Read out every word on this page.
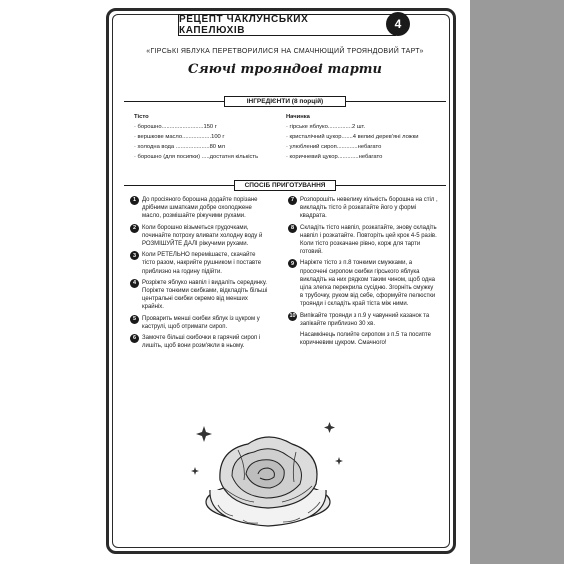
РЕЦЕПТ ЧАКЛУНСЬКИХ КАПЕЛЮХІВ	4
«ГІРСЬКІ ЯБЛУКА ПЕРЕТВОРИЛИСЯ НА СМАЧНЮЩИЙ ТРОЯНДОВИЙ ТАРТ»
Сяючі трояндові тарти
ІНГРЕДІЄНТИ (8 порцій)
Тісто
· борошно..........................150 г
· вершкове масло..................100 г
· холодна вода .....................80 мл
· борошно (для посипки) .....достатня кількість
Начинка
· гірське яблуко...............2 шт.
· кристалічний цукор.......4 великі дерев'яні ложки
· улюблений сироп.............небагато
· коричневий цукор.............небагато
СПОСІБ ПРИГОТУВАННЯ
1 До просіяного борошна додайте порізане дрібними шматками добре охолоджене масло, розмішайте ріжучими рухами.
2 Коли борошно візьметься грудочками, починайте потроху вливати холодну воду й РОЗМІШУЙТЕ ДАЛІ ріжучими рухами.
3 Коли РЕТЕЛЬНО перемішаєте, скачайте тісто разом, накрийте рушником і поставте приблизно на годину підійти.
4 Розріжте яблуко навпіл і видаліть серединку. Поріжте тонкими скибками, відкладіть більші центральні скибки окремо від менших крайніх.
5 Проварить менші скибки яблук із цукром у каструлі, щоб отримати сироп.
6 Замочте більші скибочки в гарячий сироп і лишіть, щоб вони розм'якли в ньому.
7 Розпорошіть невелику кількість борошна на стіл , викладіть тісто й розкатайте його у формі квадрата.
8 Складіть тісто навпіл, розкатайте, знову складіть навпіл і розкатайте. Повторіть цей крок 4-5 разів. Коли тісто розкачане рівно, корж для тарти готовий.
9 Наріжте тісто з п.8 тонкими смужками, а просочені сиропом скибки гірського яблука викладіть на них рядком таким чином, щоб одна ціла злегка перекрила сусідню. Згорніть смужку в трубочку, руком від себе, сформуйте пелюстки троянди і складіть край тіста між ними.
10 Випікайте троянди з п.9 у чавунний казанок та запікайте приблизно 30 хв.
Насамкінець полийте сиропом з п.5 та посипте коричневим цукром. Смачного!
